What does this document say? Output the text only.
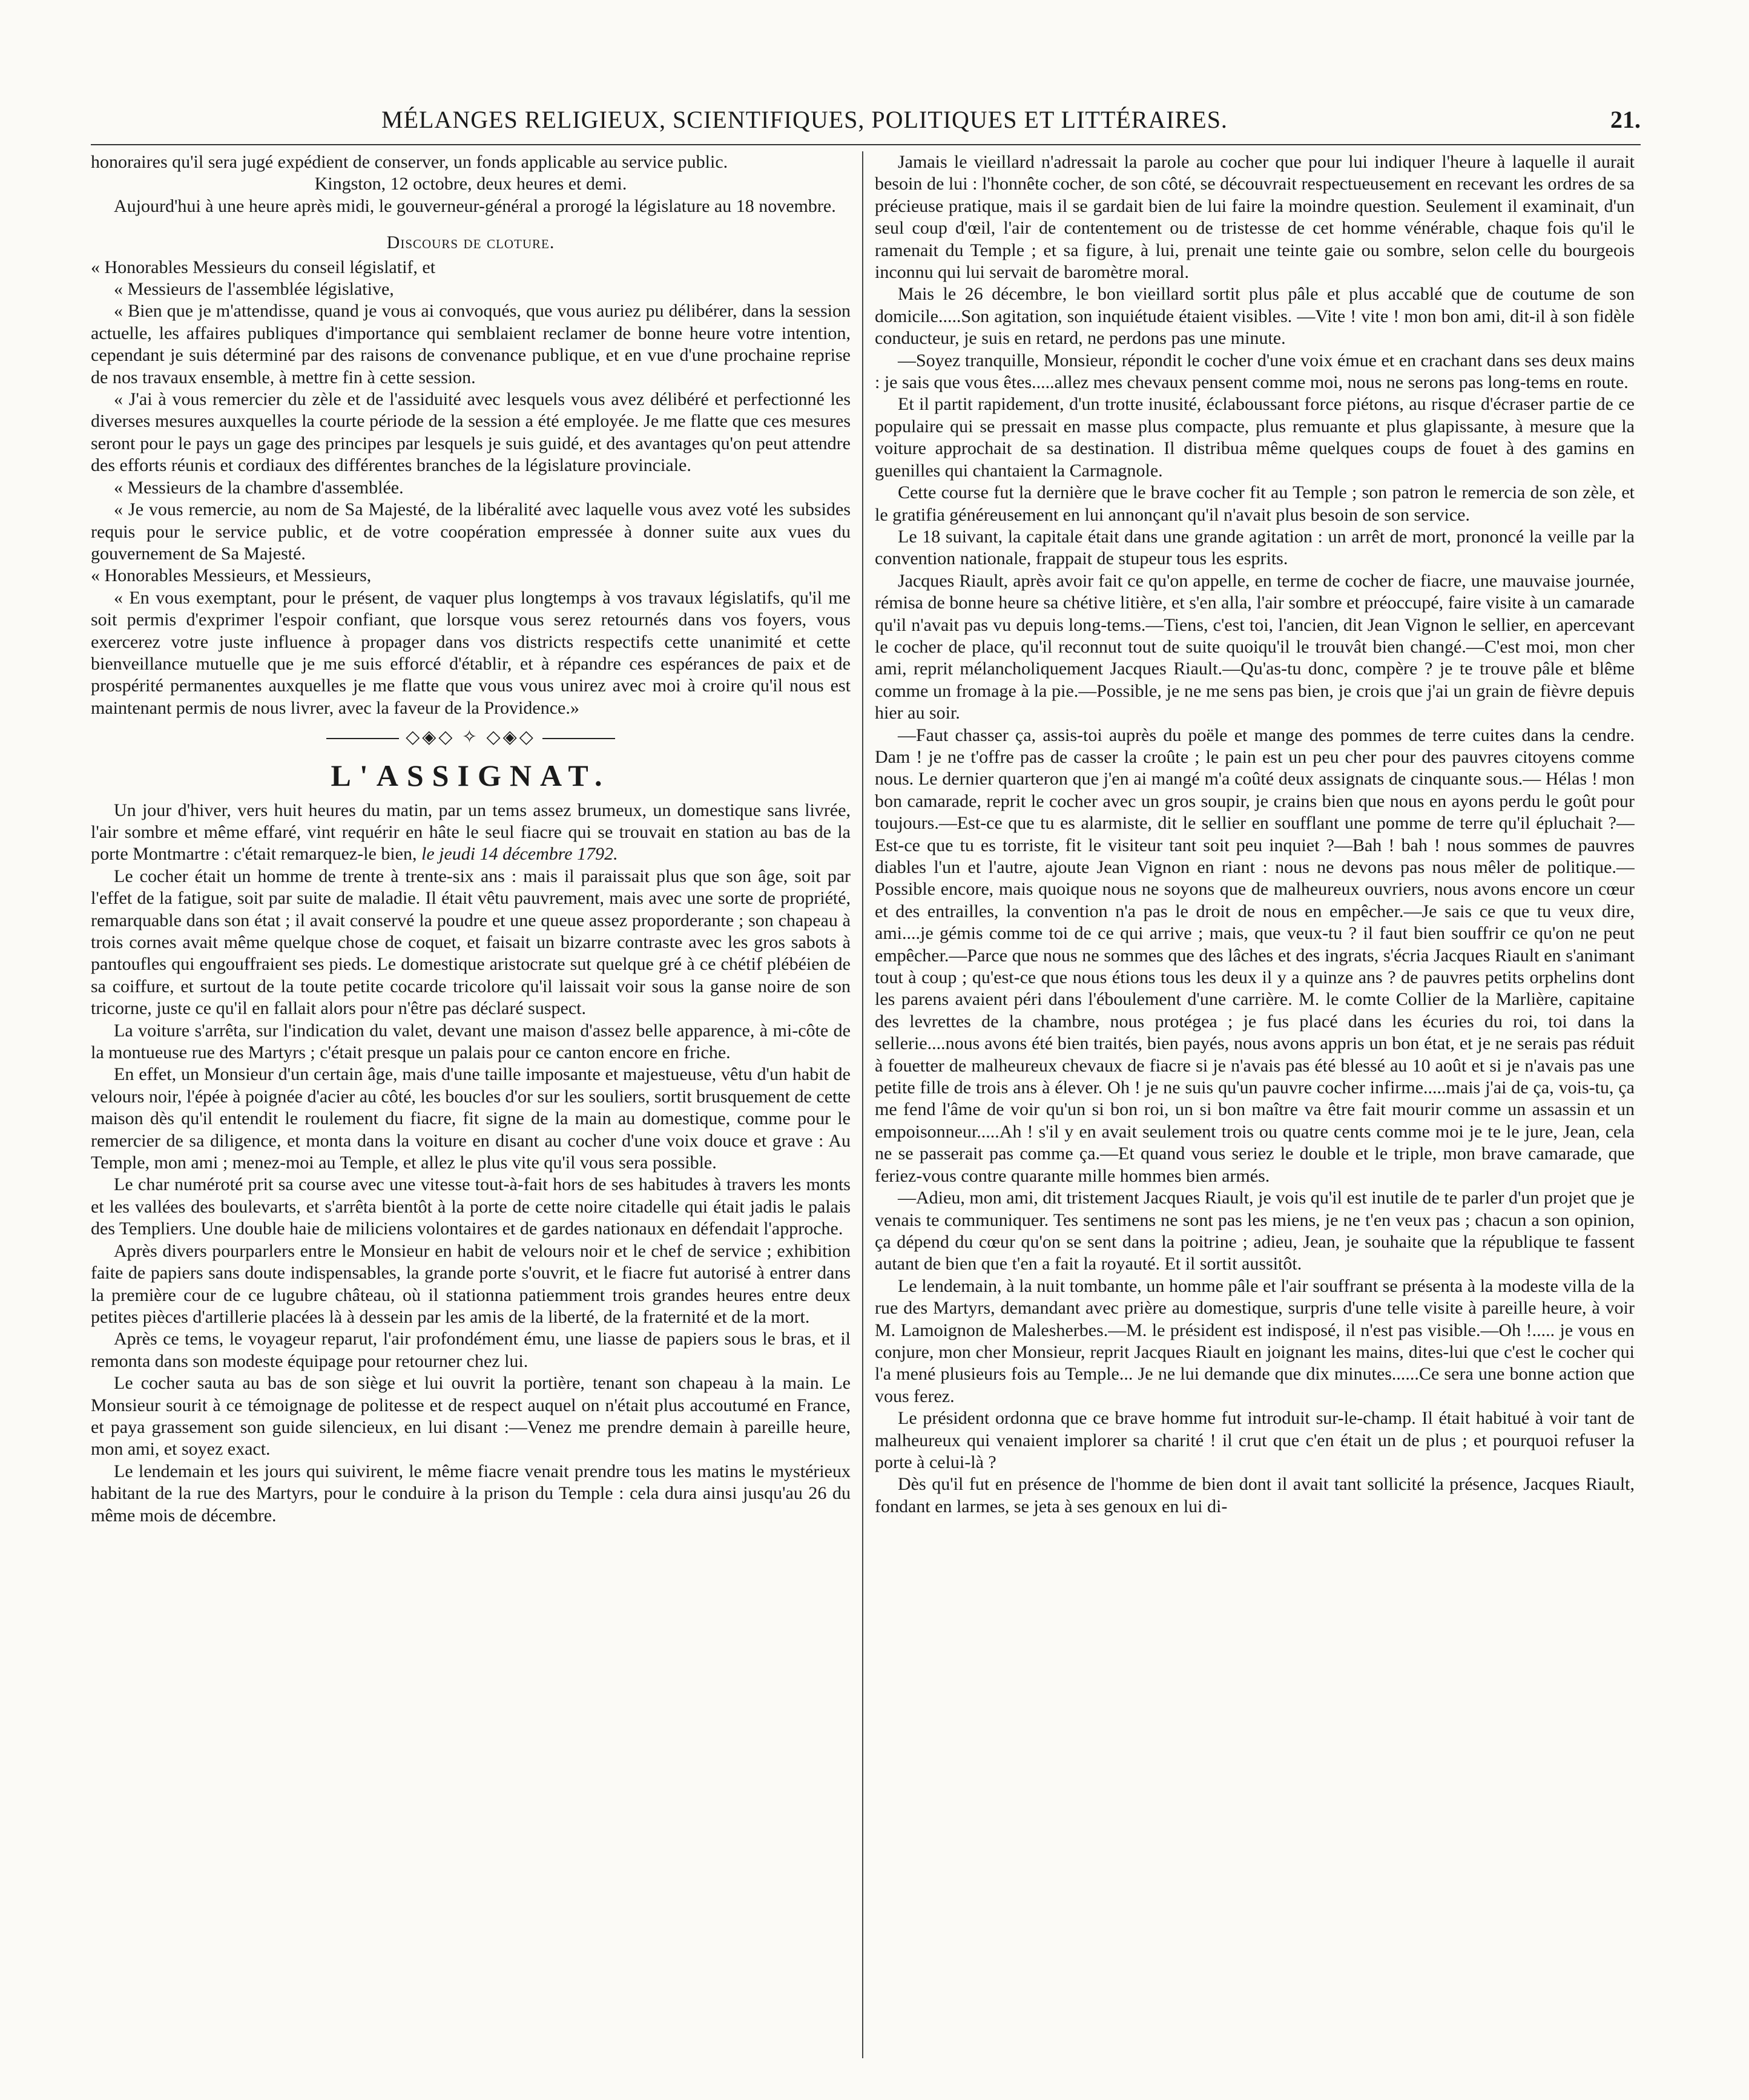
MÉLANGES RELIGIEUX, SCIENTIFIQUES, POLITIQUES ET LITTÉRAIRES.	21.

honoraires qu'il sera jugé expédient de conserver, un fonds applicable au service public.

Kingston, 12 octobre, deux heures et demi.

Aujourd'hui à une heure après midi, le gouverneur-général a prorogé la législature au 18 novembre.

Discours de cloture.

« Honorables Messieurs du conseil législatif, et

« Messieurs de l'assemblée législative,

« Bien que je m'attendisse, quand je vous ai convoqués, que vous auriez pu délibérer, dans la session actuelle, les affaires publiques d'importance qui semblaient reclamer de bonne heure votre intention, cependant je suis déterminé par des raisons de convenance publique, et en vue d'une prochaine reprise de nos travaux ensemble, à mettre fin à cette session.

« J'ai à vous remercier du zèle et de l'assiduité avec lesquels vous avez délibéré et perfectionné les diverses mesures auxquelles la courte période de la session a été employée. Je me flatte que ces mesures seront pour le pays un gage des principes par lesquels je suis guidé, et des avantages qu'on peut attendre des efforts réunis et cordiaux des différentes branches de la législature provinciale.

« Messieurs de la chambre d'assemblée.

« Je vous remercie, au nom de Sa Majesté, de la libéralité avec laquelle vous avez voté les subsides requis pour le service public, et de votre coopération empressée à donner suite aux vues du gouvernement de Sa Majesté.

« Honorables Messieurs, et Messieurs,

« En vous exemptant, pour le présent, de vaquer plus longtemps à vos travaux législatifs, qu'il me soit permis d'exprimer l'espoir confiant, que lorsque vous serez retournés dans vos foyers, vous exercerez votre juste influence à propager dans vos districts respectifs cette unanimité et cette bienveillance mutuelle que je me suis efforcé d'établir, et à répandre ces espérances de paix et de prospérité permanentes auxquelles je me flatte que vous vous unirez avec moi à croire qu'il nous est maintenant permis de nous livrer, avec la faveur de la Providence.»

◇◈◇ ✧ ◇◈◇
L'ASSIGNAT.

Un jour d'hiver, vers huit heures du matin, par un tems assez brumeux, un domestique sans livrée, l'air sombre et même effaré, vint requérir en hâte le seul fiacre qui se trouvait en station au bas de la porte Montmartre : c'était remarquez-le bien, le jeudi 14 décembre 1792.

Le cocher était un homme de trente à trente-six ans : mais il paraissait plus que son âge, soit par l'effet de la fatigue, soit par suite de maladie. Il était vêtu pauvrement, mais avec une sorte de propriété, remarquable dans son état ; il avait conservé la poudre et une queue assez proporderante ; son chapeau à trois cornes avait même quelque chose de coquet, et faisait un bizarre contraste avec les gros sabots à pantoufles qui engouffraient ses pieds. Le domestique aristocrate sut quelque gré à ce chétif plébéien de sa coiffure, et surtout de la toute petite cocarde tricolore qu'il laissait voir sous la ganse noire de son tricorne, juste ce qu'il en fallait alors pour n'être pas déclaré suspect.

La voiture s'arrêta, sur l'indication du valet, devant une maison d'assez belle apparence, à mi-côte de la montueuse rue des Martyrs ; c'était presque un palais pour ce canton encore en friche.

En effet, un Monsieur d'un certain âge, mais d'une taille imposante et majestueuse, vêtu d'un habit de velours noir, l'épée à poignée d'acier au côté, les boucles d'or sur les souliers, sortit brusquement de cette maison dès qu'il entendit le roulement du fiacre, fit signe de la main au domestique, comme pour le remercier de sa diligence, et monta dans la voiture en disant au cocher d'une voix douce et grave : Au Temple, mon ami ; menez-moi au Temple, et allez le plus vite qu'il vous sera possible.

Le char numéroté prit sa course avec une vitesse tout-à-fait hors de ses habitudes à travers les monts et les vallées des boulevarts, et s'arrêta bientôt à la porte de cette noire citadelle qui était jadis le palais des Templiers. Une double haie de miliciens volontaires et de gardes nationaux en défendait l'approche.

Après divers pourparlers entre le Monsieur en habit de velours noir et le chef de service ; exhibition faite de papiers sans doute indispensables, la grande porte s'ouvrit, et le fiacre fut autorisé à entrer dans la première cour de ce lugubre château, où il stationna patiemment trois grandes heures entre deux petites pièces d'artillerie placées là à dessein par les amis de la liberté, de la fraternité et de la mort.

Après ce tems, le voyageur reparut, l'air profondément ému, une liasse de papiers sous le bras, et il remonta dans son modeste équipage pour retourner chez lui.

Le cocher sauta au bas de son siège et lui ouvrit la portière, tenant son chapeau à la main. Le Monsieur sourit à ce témoignage de politesse et de respect auquel on n'était plus accoutumé en France, et paya grassement son guide silencieux, en lui disant :—Venez me prendre demain à pareille heure, mon ami, et soyez exact.

Le lendemain et les jours qui suivirent, le même fiacre venait prendre tous les matins le mystérieux habitant de la rue des Martyrs, pour le conduire à la prison du Temple : cela dura ainsi jusqu'au 26 du même mois de décembre.

Jamais le vieillard n'adressait la parole au cocher que pour lui indiquer l'heure à laquelle il aurait besoin de lui : l'honnête cocher, de son côté, se découvrait respectueusement en recevant les ordres de sa précieuse pratique, mais il se gardait bien de lui faire la moindre question. Seulement il examinait, d'un seul coup d'œil, l'air de contentement ou de tristesse de cet homme vénérable, chaque fois qu'il le ramenait du Temple ; et sa figure, à lui, prenait une teinte gaie ou sombre, selon celle du bourgeois inconnu qui lui servait de baromètre moral.

Mais le 26 décembre, le bon vieillard sortit plus pâle et plus accablé que de coutume de son domicile.....Son agitation, son inquiétude étaient visibles. —Vite ! vite ! mon bon ami, dit-il à son fidèle conducteur, je suis en retard, ne perdons pas une minute.

—Soyez tranquille, Monsieur, répondit le cocher d'une voix émue et en crachant dans ses deux mains : je sais que vous êtes.....allez mes chevaux pensent comme moi, nous ne serons pas long-tems en route.

Et il partit rapidement, d'un trotte inusité, éclaboussant force piétons, au risque d'écraser partie de ce populaire qui se pressait en masse plus compacte, plus remuante et plus glapissante, à mesure que la voiture approchait de sa destination. Il distribua même quelques coups de fouet à des gamins en guenilles qui chantaient la Carmagnole.

Cette course fut la dernière que le brave cocher fit au Temple ; son patron le remercia de son zèle, et le gratifia généreusement en lui annonçant qu'il n'avait plus besoin de son service.

Le 18 suivant, la capitale était dans une grande agitation : un arrêt de mort, prononcé la veille par la convention nationale, frappait de stupeur tous les esprits.

Jacques Riault, après avoir fait ce qu'on appelle, en terme de cocher de fiacre, une mauvaise journée, rémisa de bonne heure sa chétive litière, et s'en alla, l'air sombre et préoccupé, faire visite à un camarade qu'il n'avait pas vu depuis long-tems.—Tiens, c'est toi, l'ancien, dit Jean Vignon le sellier, en apercevant le cocher de place, qu'il reconnut tout de suite quoiqu'il le trouvât bien changé.—C'est moi, mon cher ami, reprit mélancholiquement Jacques Riault.—Qu'as-tu donc, compère ? je te trouve pâle et blême comme un fromage à la pie.—Possible, je ne me sens pas bien, je crois que j'ai un grain de fièvre depuis hier au soir.

—Faut chasser ça, assis-toi auprès du poële et mange des pommes de terre cuites dans la cendre. Dam ! je ne t'offre pas de casser la croûte ; le pain est un peu cher pour des pauvres citoyens comme nous. Le dernier quarteron que j'en ai mangé m'a coûté deux assignats de cinquante sous.— Hélas ! mon bon camarade, reprit le cocher avec un gros soupir, je crains bien que nous en ayons perdu le goût pour toujours.—Est-ce que tu es alarmiste, dit le sellier en soufflant une pomme de terre qu'il épluchait ?—Est-ce que tu es torriste, fit le visiteur tant soit peu inquiet ?—Bah ! bah ! nous sommes de pauvres diables l'un et l'autre, ajoute Jean Vignon en riant : nous ne devons pas nous mêler de politique.—Possible encore, mais quoique nous ne soyons que de malheureux ouvriers, nous avons encore un cœur et des entrailles, la convention n'a pas le droit de nous en empêcher.—Je sais ce que tu veux dire, ami....je gémis comme toi de ce qui arrive ; mais, que veux-tu ? il faut bien souffrir ce qu'on ne peut empêcher.—Parce que nous ne sommes que des lâches et des ingrats, s'écria Jacques Riault en s'animant tout à coup ; qu'est-ce que nous étions tous les deux il y a quinze ans ? de pauvres petits orphelins dont les parens avaient péri dans l'éboulement d'une carrière. M. le comte Collier de la Marlière, capitaine des levrettes de la chambre, nous protégea ; je fus placé dans les écuries du roi, toi dans la sellerie....nous avons été bien traités, bien payés, nous avons appris un bon état, et je ne serais pas réduit à fouetter de malheureux chevaux de fiacre si je n'avais pas été blessé au 10 août et si je n'avais pas une petite fille de trois ans à élever. Oh ! je ne suis qu'un pauvre cocher infirme.....mais j'ai de ça, vois-tu, ça me fend l'âme de voir qu'un si bon roi, un si bon maître va être fait mourir comme un assassin et un empoisonneur.....Ah ! s'il y en avait seulement trois ou quatre cents comme moi je te le jure, Jean, cela ne se passerait pas comme ça.—Et quand vous seriez le double et le triple, mon brave camarade, que feriez-vous contre quarante mille hommes bien armés.

—Adieu, mon ami, dit tristement Jacques Riault, je vois qu'il est inutile de te parler d'un projet que je venais te communiquer. Tes sentimens ne sont pas les miens, je ne t'en veux pas ; chacun a son opinion, ça dépend du cœur qu'on se sent dans la poitrine ; adieu, Jean, je souhaite que la république te fassent autant de bien que t'en a fait la royauté. Et il sortit aussitôt.

Le lendemain, à la nuit tombante, un homme pâle et l'air souffrant se présenta à la modeste villa de la rue des Martyrs, demandant avec prière au domestique, surpris d'une telle visite à pareille heure, à voir M. Lamoignon de Malesherbes.—M. le président est indisposé, il n'est pas visible.—Oh !..... je vous en conjure, mon cher Monsieur, reprit Jacques Riault en joignant les mains, dites-lui que c'est le cocher qui l'a mené plusieurs fois au Temple... Je ne lui demande que dix minutes......Ce sera une bonne action que vous ferez.

Le président ordonna que ce brave homme fut introduit sur-le-champ. Il était habitué à voir tant de malheureux qui venaient implorer sa charité ! il crut que c'en était un de plus ; et pourquoi refuser la porte à celui-là ?

Dès qu'il fut en présence de l'homme de bien dont il avait tant sollicité la présence, Jacques Riault, fondant en larmes, se jeta à ses genoux en lui di-
